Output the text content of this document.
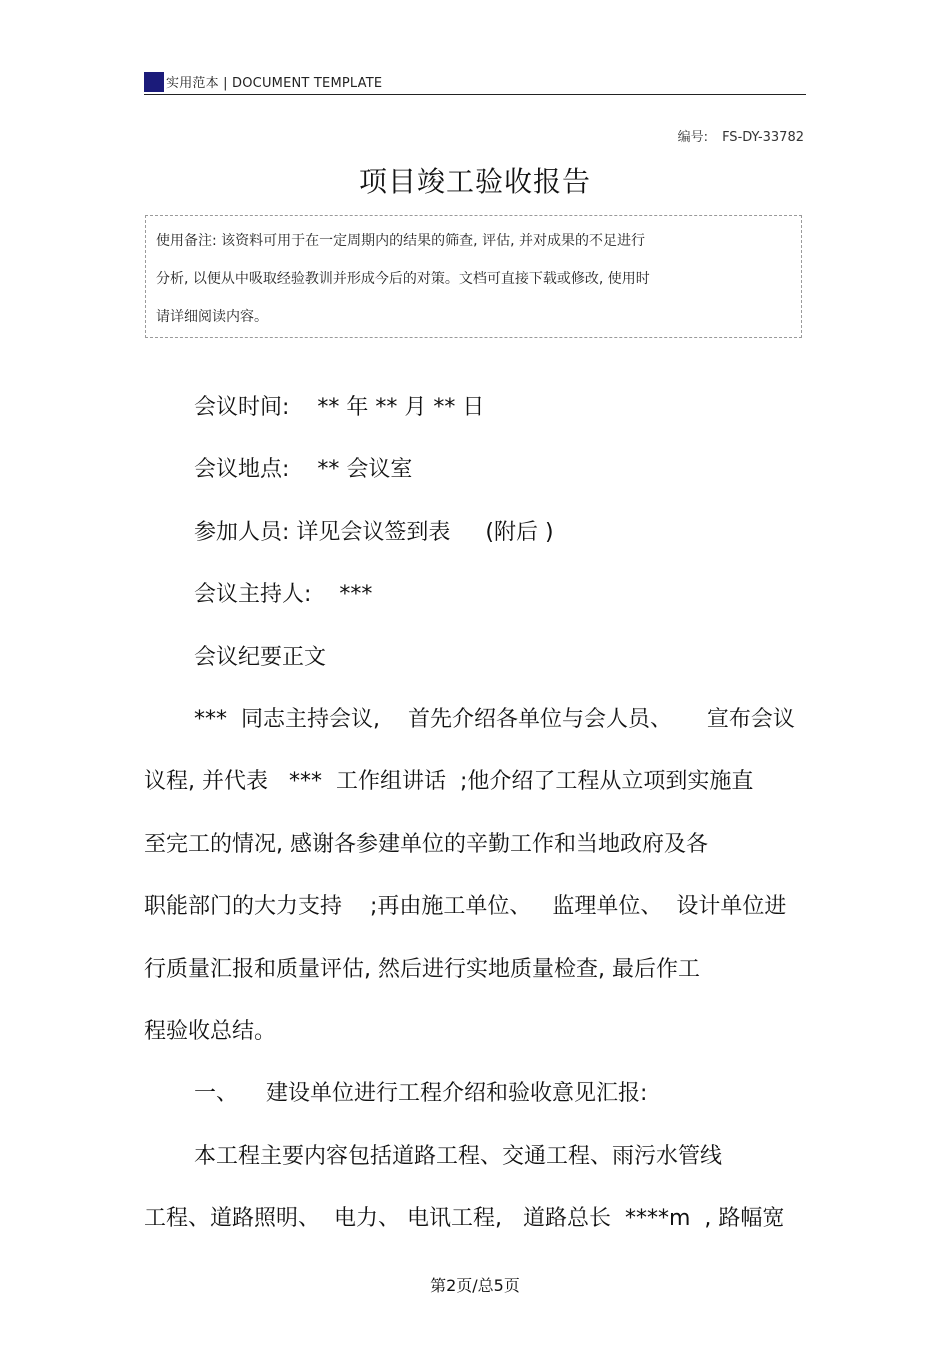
实用范本 | DOCUMENT TEMPLATE
编号: FS-DY-33782
项目竣工验收报告
使用备注: 该资料可用于在一定周期内的结果的筛查, 评估, 并对成果的不足进行
分析, 以便从中吸取经验教训并形成今后的对策。文档可直接下载或修改, 使用时
请详细阅读内容。
会议时间:    ** 年 ** 月 ** 日
会议地点:    ** 会议室
参加人员: 详见会议签到表     (附后 )
会议主持人:    ***
会议纪要正文
***  同志主持会议,    首先介绍各单位与会人员、     宣布会议
议程, 并代表   ***  工作组讲话  ;他介绍了工程从立项到实施直
至完工的情况, 感谢各参建单位的辛勤工作和当地政府及各
职能部门的大力支持    ;再由施工单位、   监理单位、  设计单位进
行质量汇报和质量评估, 然后进行实地质量检查, 最后作工
程验收总结。
一、    建设单位进行工程介绍和验收意见汇报:
本工程主要内容包括道路工程、交通工程、雨污水管线
工程、道路照明、  电力、 电讯工程,   道路总长  ****m  , 路幅宽
第2页/总5页
